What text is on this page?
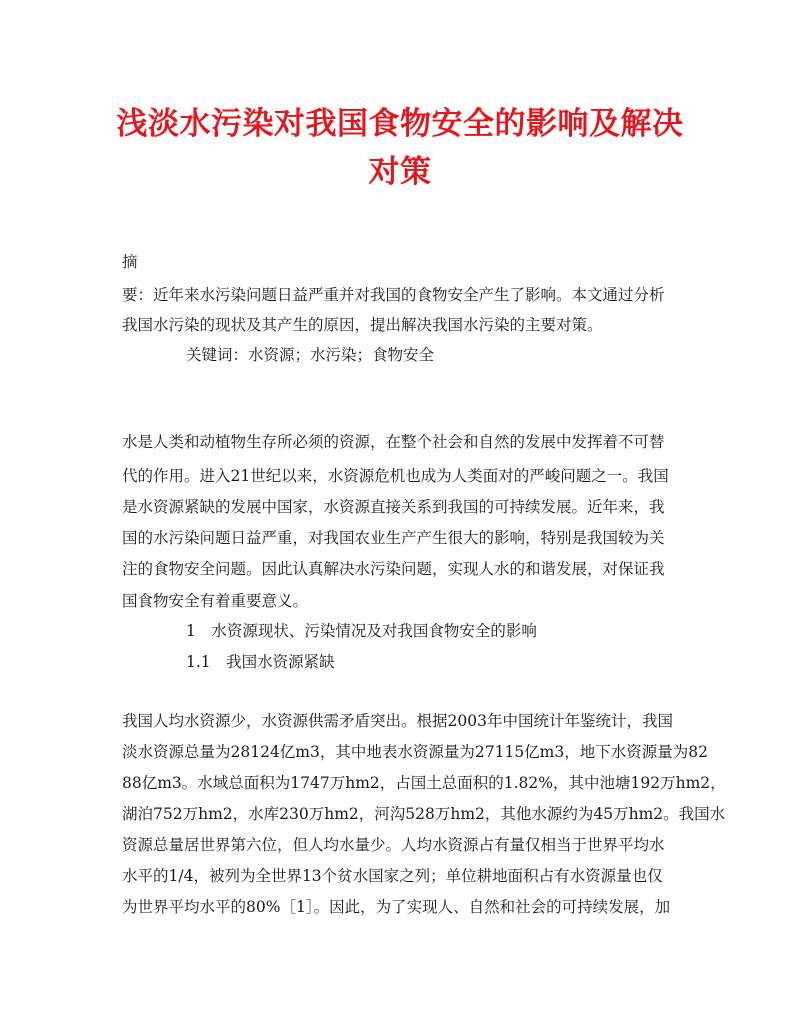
浅淡水污染对我国食物安全的影响及解决对策
摘
要：近年来水污染问题日益严重并对我国的食物安全产生了影响。本文通过分析
我国水污染的现状及其产生的原因，提出解决我国水污染的主要对策。
关键词：水资源；水污染；食物安全
水是人类和动植物生存所必须的资源，在整个社会和自然的发展中发挥着不可替
代的作用。进入21世纪以来，水资源危机也成为人类面对的严峻问题之一。我国
是水资源紧缺的发展中国家，水资源直接关系到我国的可持续发展。近年来，我
国的水污染问题日益严重，对我国农业生产产生很大的影响，特别是我国较为关
注的食物安全问题。因此认真解决水污染问题，实现人水的和谐发展，对保证我
国食物安全有着重要意义。
1　水资源现状、污染情况及对我国食物安全的影响
1.1　我国水资源紧缺
我国人均水资源少，水资源供需矛盾突出。根据2003年中国统计年鉴统计，我国
淡水资源总量为28124亿m3，其中地表水资源量为27115亿m3，地下水资源量为82
88亿m3。水域总面积为1747万hm2，占国土总面积的1.82%，其中池塘192万hm2，
湖泊752万hm2，水库230万hm2，河沟528万hm2，其他水源约为45万hm2。我国水
资源总量居世界第六位，但人均水量少。人均水资源占有量仅相当于世界平均水
水平的1/4，被列为全世界13个贫水国家之列；单位耕地面积占有水资源量也仅
为世界平均水平的80%［1］。因此，为了实现人、自然和社会的可持续发展，加
